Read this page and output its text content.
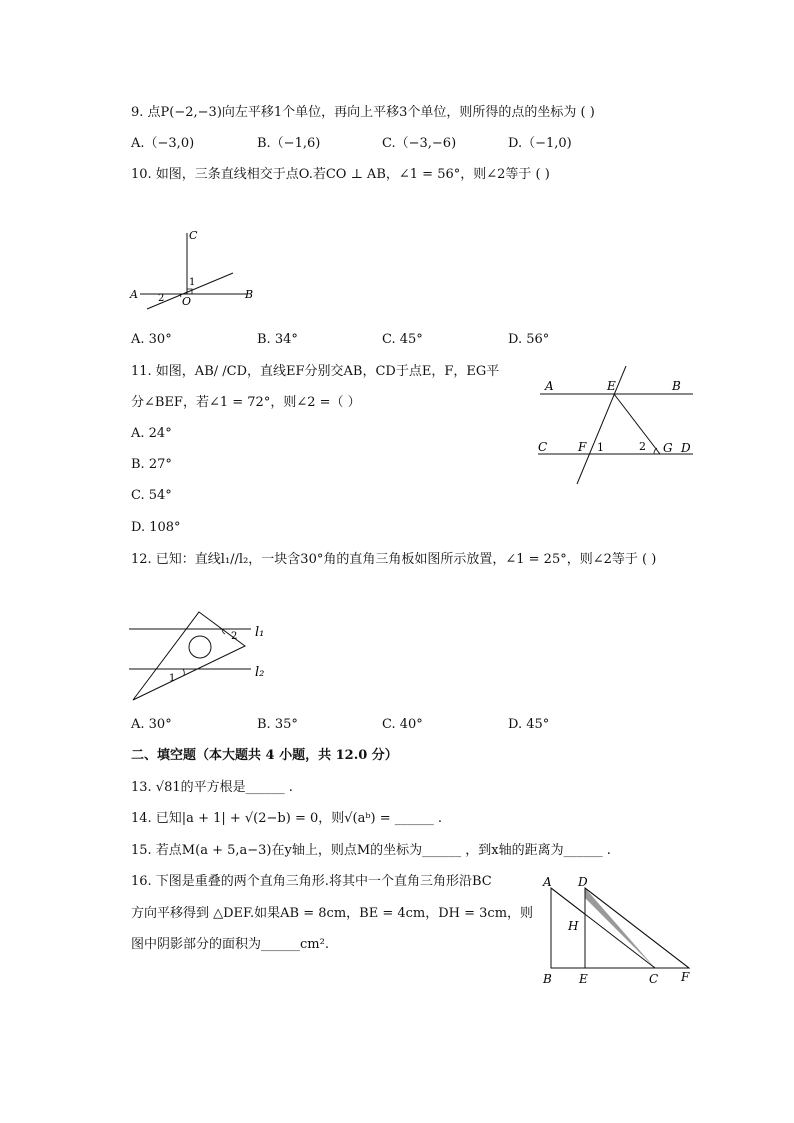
9. 点P(−2,−3)向左平移1个单位，再向上平移3个单位，则所得的点的坐标为 ( )
A.（−3,0)	B.（−1,6)	C.（−3,−6)	D.（−1,0)
10. 如图，三条直线相交于点O.若CO ⊥ AB，∠1 = 56°，则∠2等于 ( )
C
A	B
O
1
2
A. 30°	B. 34°	C. 45°	D. 56°
11. 如图，AB/ /CD，直线EF分别交AB，CD于点E，F，EG平
分∠BEF，若∠1 = 72°，则∠2 =（ ）
A. 24°
B. 27°
C. 54°
D. 108°
A	E	B
C	F 1	2 G D
12. 已知：直线l₁//l₂，一块含30°角的直角三角板如图所示放置，∠1 = 25°，则∠2等于 ( )
l₁
l₂
1
2
A. 30°	B. 35°	C. 40°	D. 45°
二、填空题（本大题共 4 小题，共 12.0 分）
13. √81的平方根是______ .
14. 已知|a + 1| + √(2−b) = 0，则√(aᵇ) = ______ .
15. 若点M(a + 5,a−3)在y轴上，则点M的坐标为______ ，到x轴的距离为______ .
16. 下图是重叠的两个直角三角形.将其中一个直角三角形沿BC
方向平移得到 △DEF.如果AB = 8cm，BE = 4cm，DH = 3cm，则
图中阴影部分的面积为______cm².
A D
H
B E	C F
